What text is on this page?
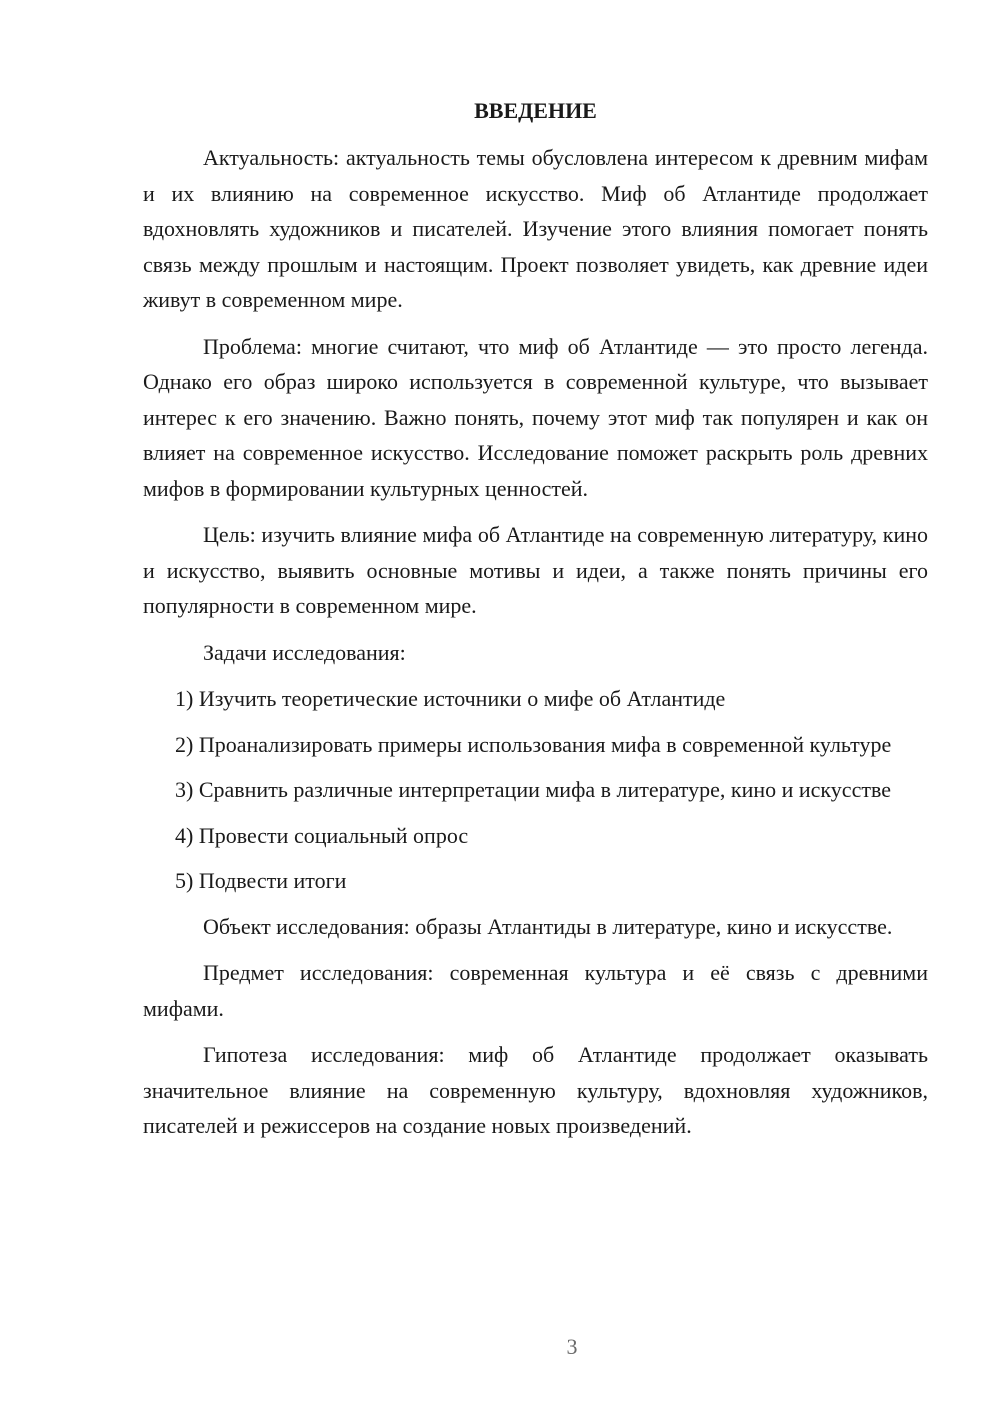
ВВЕДЕНИЕ

Актуальность: актуальность темы обусловлена интересом к древним мифам и их влиянию на современное искусство. Миф об Атлантиде продолжает вдохновлять художников и писателей. Изучение этого влияния помогает понять связь между прошлым и настоящим. Проект позволяет увидеть, как древние идеи живут в современном мире.

Проблема: многие считают, что миф об Атлантиде — это просто легенда. Однако его образ широко используется в современной культуре, что вызывает интерес к его значению. Важно понять, почему этот миф так популярен и как он влияет на современное искусство. Исследование поможет раскрыть роль древних мифов в формировании культурных ценностей.

Цель: изучить влияние мифа об Атлантиде на современную литературу, кино и искусство, выявить основные мотивы и идеи, а также понять причины его популярности в современном мире.

Задачи исследования:

1) Изучить теоретические источники о мифе об Атлантиде

2) Проанализировать примеры использования мифа в современной культуре

3) Сравнить различные интерпретации мифа в литературе, кино и искусстве

4) Провести социальный опрос

5) Подвести итоги

Объект исследования: образы Атлантиды в литературе, кино и искусстве.

Предмет исследования: современная культура и её связь с древними мифами.

Гипотеза исследования: миф об Атлантиде продолжает оказывать значительное влияние на современную культуру, вдохновляя художников, писателей и режиссеров на создание новых произведений.

3
